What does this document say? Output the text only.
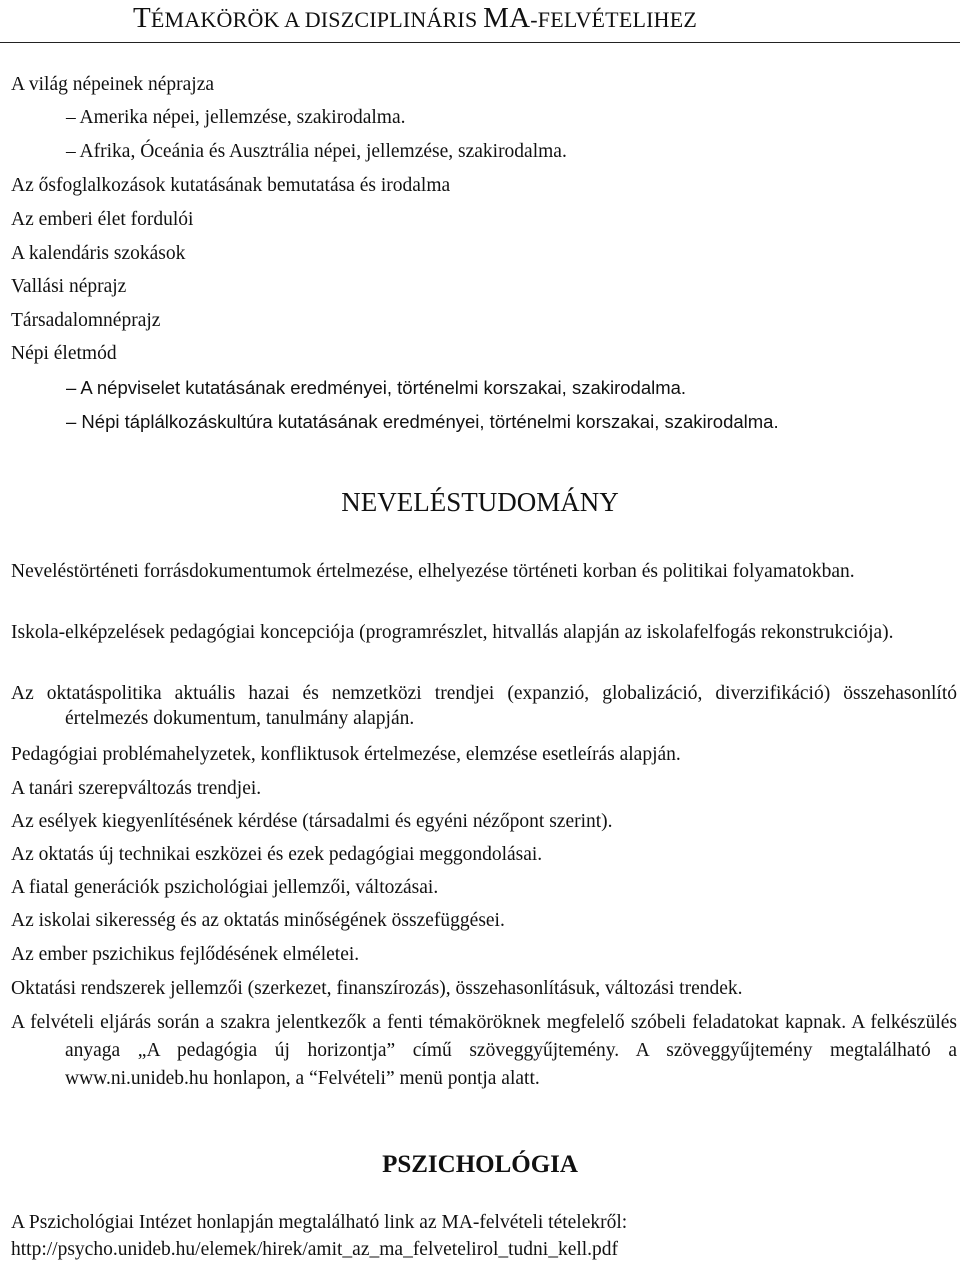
TÉMAKÖRÖK A DISZCIPLINÁRIS MA-FELVÉTELIHEZ
A világ népeinek néprajza
– Amerika népei, jellemzése, szakirodalma.
– Afrika, Óceánia és Ausztrália népei, jellemzése, szakirodalma.
Az ősfoglalkozások kutatásának bemutatása és irodalma
Az emberi élet fordulói
A kalendáris szokások
Vallási néprajz
Társadalomnéprajz
Népi életmód
– A népviselet kutatásának eredményei, történelmi korszakai, szakirodalma.
– Népi táplálkozáskultúra kutatásának eredményei, történelmi korszakai, szakirodalma.
NEVELÉSTUDOMÁNY
Neveléstörténeti forrásdokumentumok értelmezése, elhelyezése történeti korban és politikai folyamatokban.
Iskola-elképzelések pedagógiai koncepciója (programrészlet, hitvallás alapján az iskolafelfogás rekonstrukciója).
Az oktatáspolitika aktuális hazai és nemzetközi trendjei (expanzió, globalizáció, diverzifikáció) összehasonlító értelmezés dokumentum, tanulmány alapján.
Pedagógiai problémahelyzetek, konfliktusok értelmezése, elemzése esetleírás alapján.
A tanári szerepváltozás trendjei.
Az esélyek kiegyenlítésének kérdése (társadalmi és egyéni nézőpont szerint).
Az oktatás új technikai eszközei és ezek pedagógiai meggondolásai.
A fiatal generációk pszichológiai jellemzői, változásai.
Az iskolai sikeresség és az oktatás minőségének összefüggései.
Az ember pszichikus fejlődésének elméletei.
Oktatási rendszerek jellemzői (szerkezet, finanszírozás), összehasonlításuk, változási trendek.
A felvételi eljárás során a szakra jelentkezők a fenti témaköröknek megfelelő szóbeli feladatokat kapnak. A felkészülés anyaga „A pedagógia új horizontja” című szöveggyűjtemény. A szöveggyűjtemény megtalálható a www.ni.unideb.hu honlapon, a “Felvételi” menü pontja alatt.
PSZICHOLÓGIA
A Pszichológiai Intézet honlapján megtalálható link az MA-felvételi tételekről:
http://psycho.unideb.hu/elemek/hirek/amit_az_ma_felvetelirol_tudni_kell.pdf
